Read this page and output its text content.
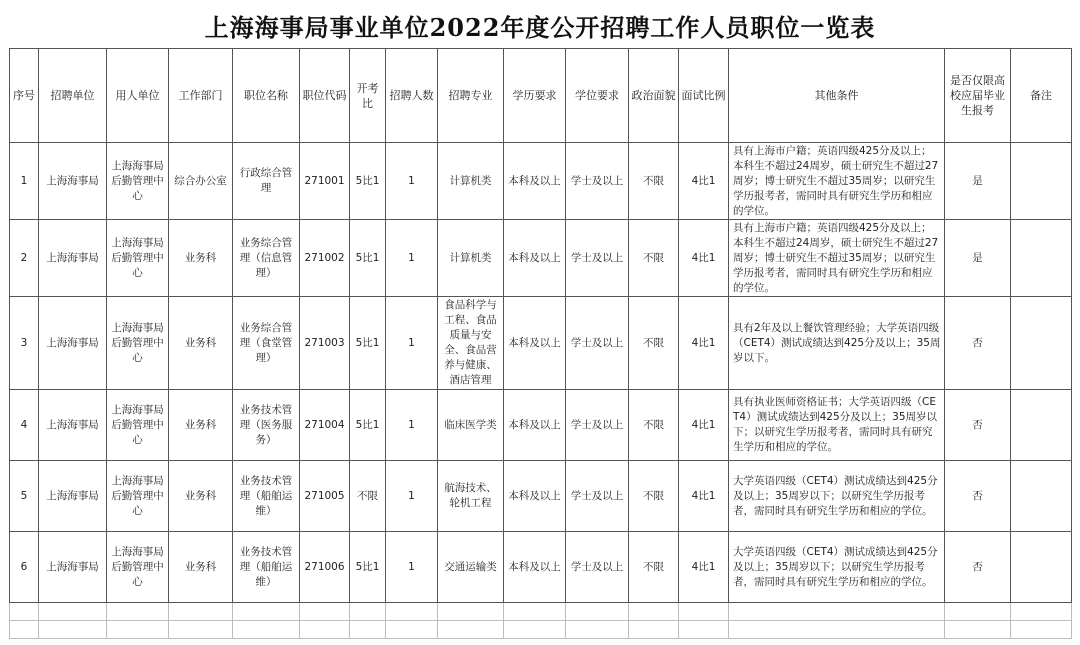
上海海事局事业单位2022年度公开招聘工作人员职位一览表
序号	招聘单位	用人单位	工作部门	职位名称	职位代码	开考比	招聘人数	招聘专业	学历要求	学位要求	政治面貌	面试比例	其他条件	是否仅限高校应届毕业生报考	备注
1	上海海事局	上海海事局后勤管理中心	综合办公室	行政综合管理	271001	5比1	1	计算机类	本科及以上	学士及以上	不限	4比1	具有上海市户籍；英语四级425分及以上；本科生不超过24周岁，硕士研究生不超过27周岁；博士研究生不超过35周岁；以研究生学历报考者，需同时具有研究生学历和相应的学位。	是	
2	上海海事局	上海海事局后勤管理中心	业务科	业务综合管理（信息管理）	271002	5比1	1	计算机类	本科及以上	学士及以上	不限	4比1	具有上海市户籍；英语四级425分及以上；本科生不超过24周岁，硕士研究生不超过27周岁；博士研究生不超过35周岁；以研究生学历报考者，需同时具有研究生学历和相应的学位。	是	
3	上海海事局	上海海事局后勤管理中心	业务科	业务综合管理（食堂管理）	271003	5比1	1	食品科学与工程、食品质量与安全、食品营养与健康、酒店管理	本科及以上	学士及以上	不限	4比1	具有2年及以上餐饮管理经验；大学英语四级（CET4）测试成绩达到425分及以上；35周岁以下。	否	
4	上海海事局	上海海事局后勤管理中心	业务科	业务技术管理（医务服务）	271004	5比1	1	临床医学类	本科及以上	学士及以上	不限	4比1	具有执业医师资格证书；大学英语四级（CET4）测试成绩达到425分及以上；35周岁以下；以研究生学历报考者，需同时具有研究生学历和相应的学位。	否	
5	上海海事局	上海海事局后勤管理中心	业务科	业务技术管理（船舶运维）	271005	不限	1	航海技术、轮机工程	本科及以上	学士及以上	不限	4比1	大学英语四级（CET4）测试成绩达到425分及以上；35周岁以下；以研究生学历报考者，需同时具有研究生学历和相应的学位。	否	
6	上海海事局	上海海事局后勤管理中心	业务科	业务技术管理（船舶运维）	271006	5比1	1	交通运输类	本科及以上	学士及以上	不限	4比1	大学英语四级（CET4）测试成绩达到425分及以上；35周岁以下；以研究生学历报考者，需同时具有研究生学历和相应的学位。	否	
